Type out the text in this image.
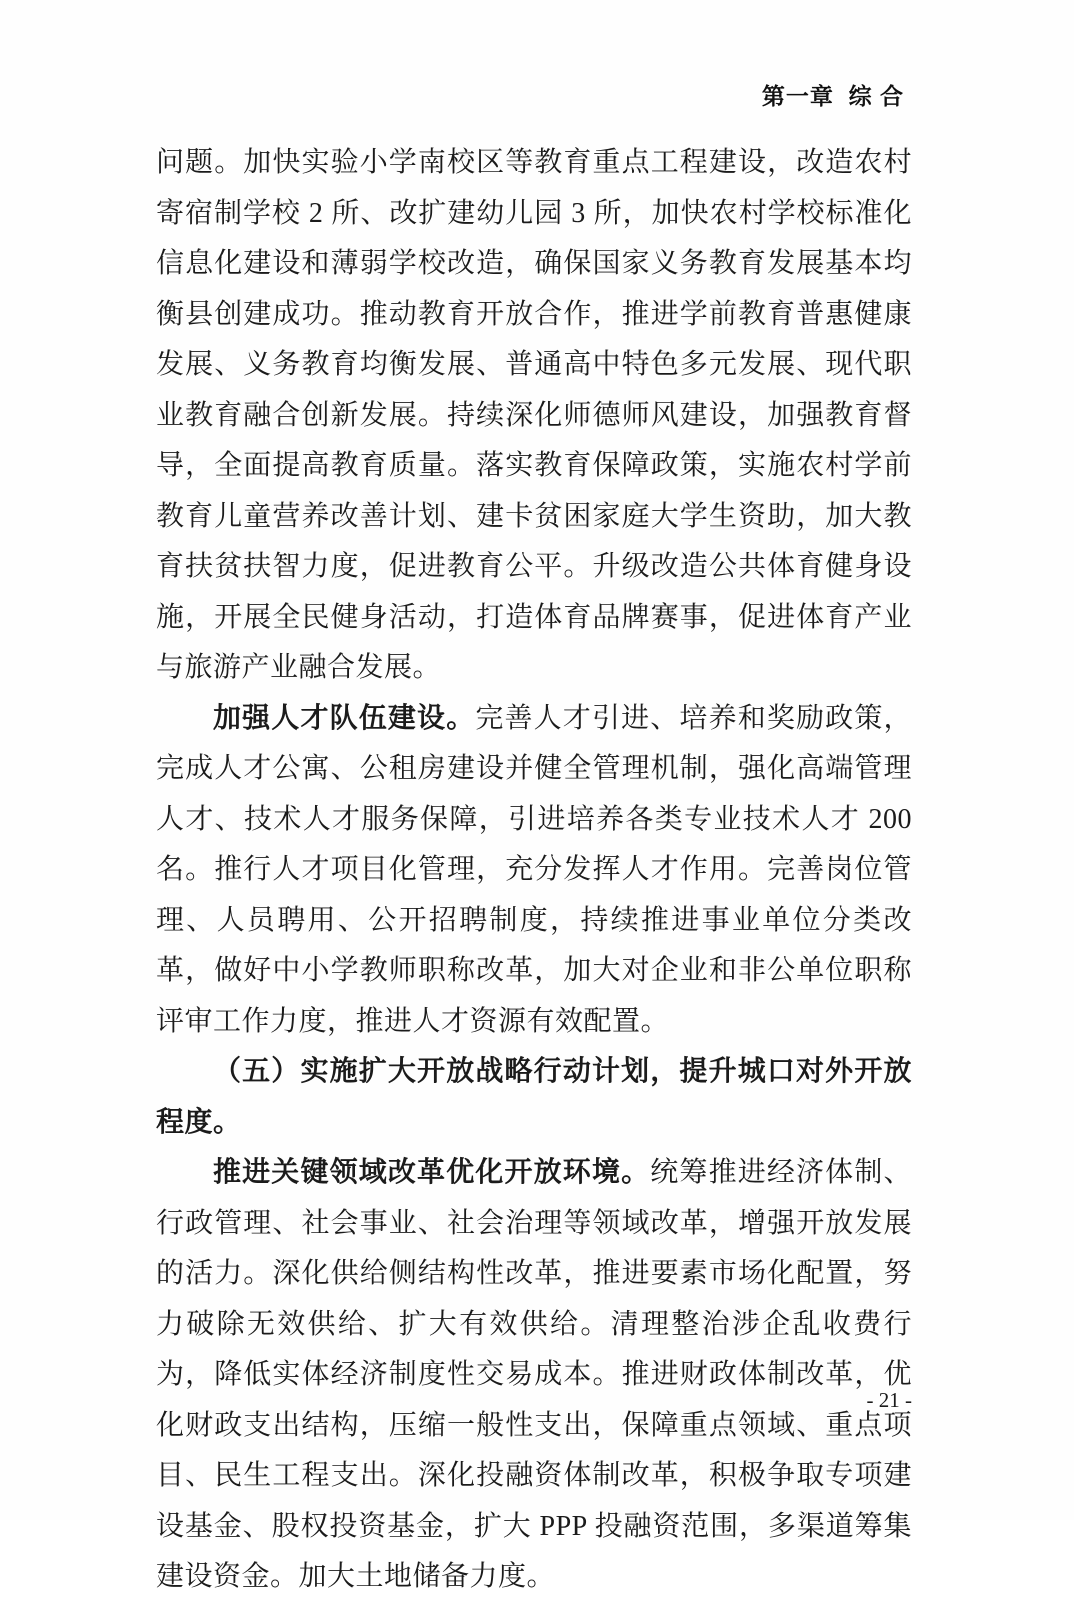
第一章  综 合

问题。加快实验小学南校区等教育重点工程建设，改造农村寄宿制学校 2 所、改扩建幼儿园 3 所，加快农村学校标准化信息化建设和薄弱学校改造，确保国家义务教育发展基本均衡县创建成功。推动教育开放合作，推进学前教育普惠健康发展、义务教育均衡发展、普通高中特色多元发展、现代职业教育融合创新发展。持续深化师德师风建设，加强教育督导，全面提高教育质量。落实教育保障政策，实施农村学前教育儿童营养改善计划、建卡贫困家庭大学生资助，加大教育扶贫扶智力度，促进教育公平。升级改造公共体育健身设施，开展全民健身活动，打造体育品牌赛事，促进体育产业与旅游产业融合发展。

加强人才队伍建设。完善人才引进、培养和奖励政策，完成人才公寓、公租房建设并健全管理机制，强化高端管理人才、技术人才服务保障，引进培养各类专业技术人才 200 名。推行人才项目化管理，充分发挥人才作用。完善岗位管理、人员聘用、公开招聘制度，持续推进事业单位分类改革，做好中小学教师职称改革，加大对企业和非公单位职称评审工作力度，推进人才资源有效配置。

（五）实施扩大开放战略行动计划，提升城口对外开放程度。

推进关键领域改革优化开放环境。统筹推进经济体制、行政管理、社会事业、社会治理等领域改革，增强开放发展的活力。深化供给侧结构性改革，推进要素市场化配置，努力破除无效供给、扩大有效供给。清理整治涉企乱收费行为，降低实体经济制度性交易成本。推进财政体制改革，优化财政支出结构，压缩一般性支出，保障重点领域、重点项目、民生工程支出。深化投融资体制改革，积极争取专项建设基金、股权投资基金，扩大 PPP 投融资范围，多渠道筹集建设资金。加大土地储备力度。

- 21 -
